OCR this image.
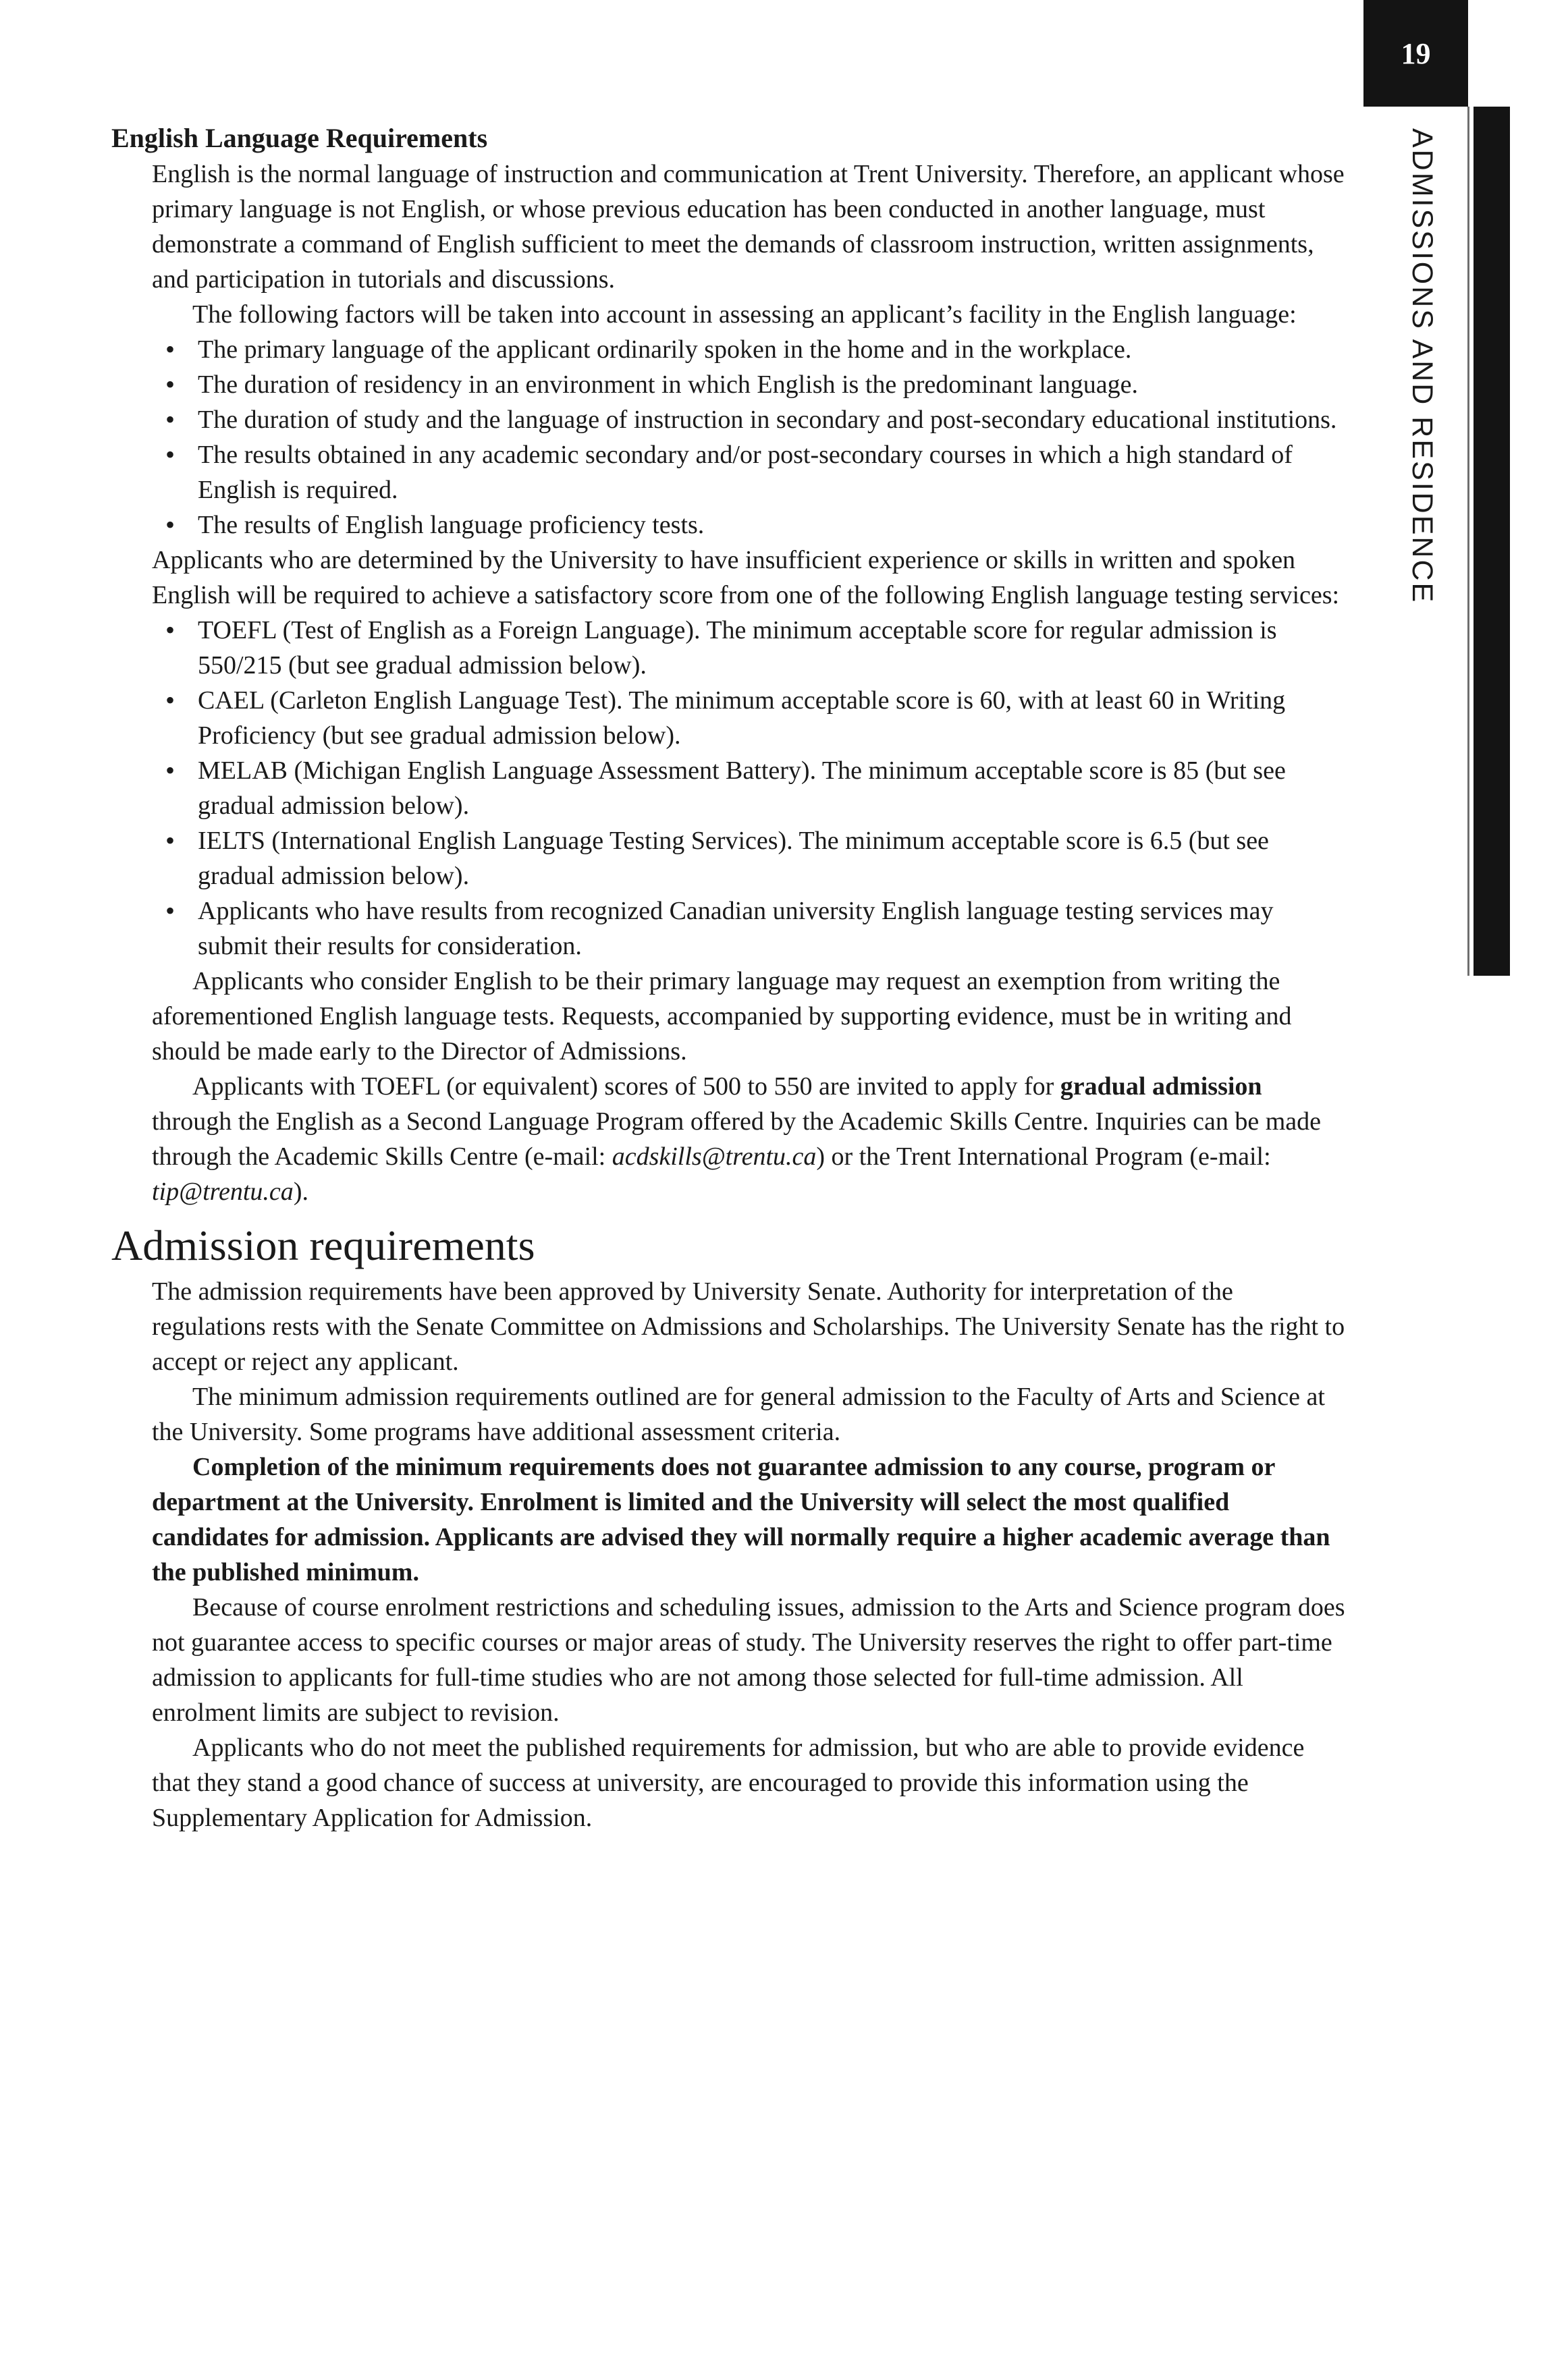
19
ADMISSIONS AND RESIDENCE
English Language Requirements

English is the normal language of instruction and communication at Trent University. Therefore, an applicant whose primary language is not English, or whose previous education has been conducted in another language, must demonstrate a command of English sufficient to meet the demands of classroom instruction, written assignments, and participation in tutorials and discussions.

The following factors will be taken into account in assessing an applicant’s facility in the English language:

• The primary language of the applicant ordinarily spoken in the home and in the workplace.
• The duration of residency in an environment in which English is the predominant language.
• The duration of study and the language of instruction in secondary and post-secondary educational institutions.
• The results obtained in any academic secondary and/or post-secondary courses in which a high standard of English is required.
• The results of English language proficiency tests.

Applicants who are determined by the University to have insufficient experience or skills in written and spoken English will be required to achieve a satisfactory score from one of the following English language testing services:

• TOEFL (Test of English as a Foreign Language). The minimum acceptable score for regular admission is 550/215 (but see gradual admission below).
• CAEL (Carleton English Language Test). The minimum acceptable score is 60, with at least 60 in Writing Proficiency (but see gradual admission below).
• MELAB (Michigan English Language Assessment Battery). The minimum acceptable score is 85 (but see gradual admission below).
• IELTS (International English Language Testing Services). The minimum acceptable score is 6.5 (but see gradual admission below).
• Applicants who have results from recognized Canadian university English language testing services may submit their results for consideration.

Applicants who consider English to be their primary language may request an exemption from writing the aforementioned English language tests. Requests, accompanied by supporting evidence, must be in writing and should be made early to the Director of Admissions.

Applicants with TOEFL (or equivalent) scores of 500 to 550 are invited to apply for gradual admission through the English as a Second Language Program offered by the Academic Skills Centre. Inquiries can be made through the Academic Skills Centre (e-mail: acdskills@trentu.ca) or the Trent International Program (e-mail: tip@trentu.ca).

Admission requirements

The admission requirements have been approved by University Senate. Authority for interpretation of the regulations rests with the Senate Committee on Admissions and Scholarships. The University Senate has the right to accept or reject any applicant.

The minimum admission requirements outlined are for general admission to the Faculty of Arts and Science at the University. Some programs have additional assessment criteria.

Completion of the minimum requirements does not guarantee admission to any course, program or department at the University. Enrolment is limited and the University will select the most qualified candidates for admission. Applicants are advised they will normally require a higher academic average than the published minimum.

Because of course enrolment restrictions and scheduling issues, admission to the Arts and Science program does not guarantee access to specific courses or major areas of study. The University reserves the right to offer part-time admission to applicants for full-time studies who are not among those selected for full-time admission. All enrolment limits are subject to revision.

Applicants who do not meet the published requirements for admission, but who are able to provide evidence that they stand a good chance of success at university, are encouraged to provide this information using the Supplementary Application for Admission.
